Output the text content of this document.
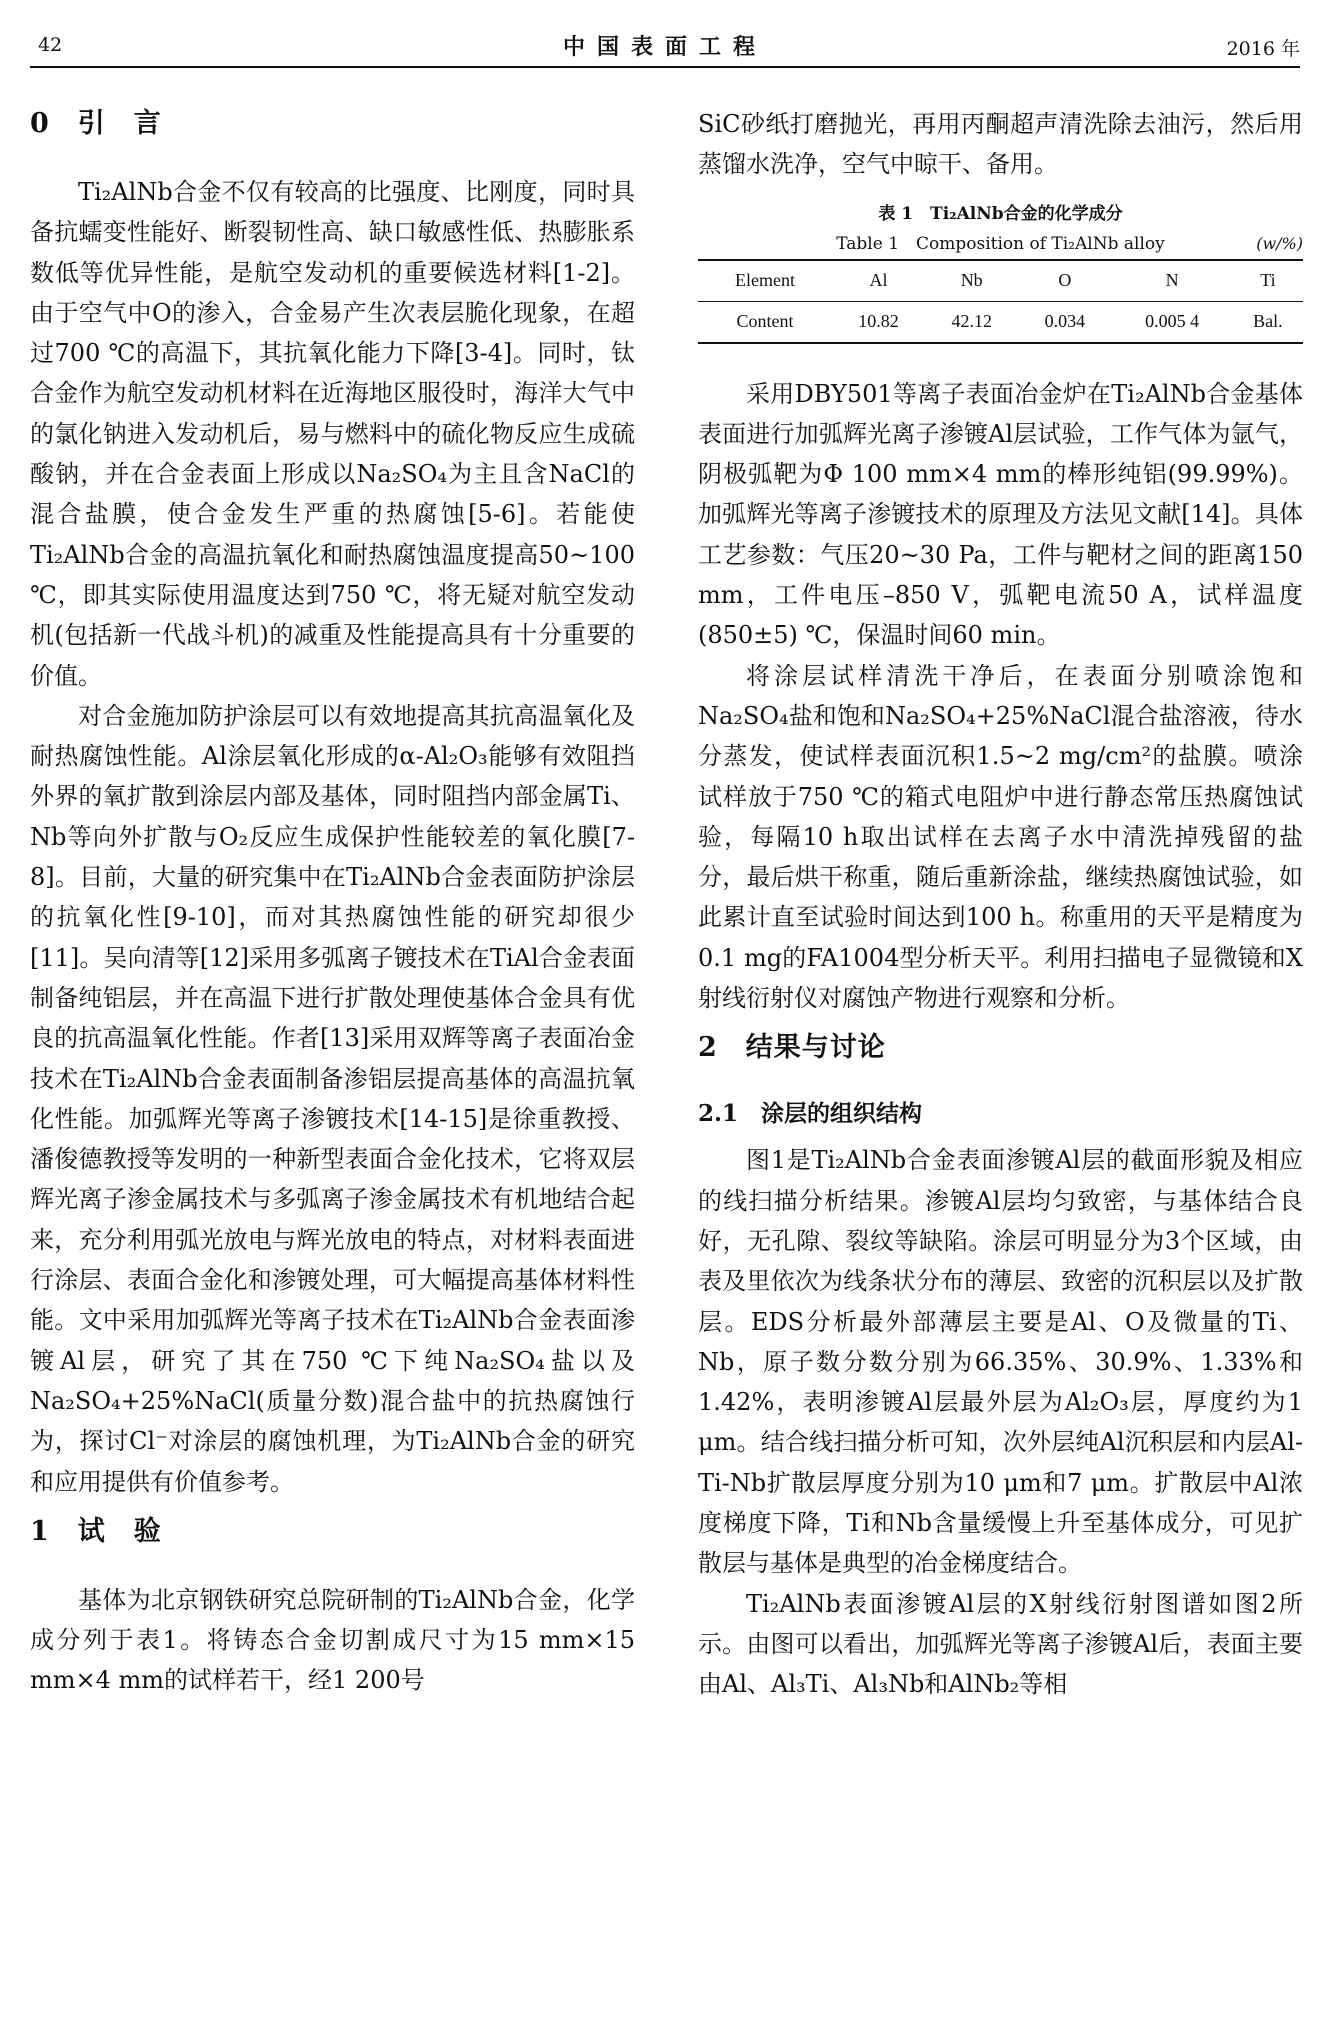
42	中国表面工程	2016 年
0　引　言

Ti₂AlNb合金不仅有较高的比强度、比刚度，同时具备抗蠕变性能好、断裂韧性高、缺口敏感性低、热膨胀系数低等优异性能，是航空发动机的重要候选材料[1-2]。由于空气中O的渗入，合金易产生次表层脆化现象，在超过700 ℃的高温下，其抗氧化能力下降[3-4]。同时，钛合金作为航空发动机材料在近海地区服役时，海洋大气中的氯化钠进入发动机后，易与燃料中的硫化物反应生成硫酸钠，并在合金表面上形成以Na₂SO₄为主且含NaCl的混合盐膜，使合金发生严重的热腐蚀[5-6]。若能使Ti₂AlNb合金的高温抗氧化和耐热腐蚀温度提高50~100 ℃，即其实际使用温度达到750 ℃，将无疑对航空发动机(包括新一代战斗机)的减重及性能提高具有十分重要的价值。

对合金施加防护涂层可以有效地提高其抗高温氧化及耐热腐蚀性能。Al涂层氧化形成的α-Al₂O₃能够有效阻挡外界的氧扩散到涂层内部及基体，同时阻挡内部金属Ti、Nb等向外扩散与O₂反应生成保护性能较差的氧化膜[7-8]。目前，大量的研究集中在Ti₂AlNb合金表面防护涂层的抗氧化性[9-10]，而对其热腐蚀性能的研究却很少[11]。吴向清等[12]采用多弧离子镀技术在TiAl合金表面制备纯铝层，并在高温下进行扩散处理使基体合金具有优良的抗高温氧化性能。作者[13]采用双辉等离子表面冶金技术在Ti₂AlNb合金表面制备渗铝层提高基体的高温抗氧化性能。加弧辉光等离子渗镀技术[14-15]是徐重教授、潘俊德教授等发明的一种新型表面合金化技术，它将双层辉光离子渗金属技术与多弧离子渗金属技术有机地结合起来，充分利用弧光放电与辉光放电的特点，对材料表面进行涂层、表面合金化和渗镀处理，可大幅提高基体材料性能。文中采用加弧辉光等离子技术在Ti₂AlNb合金表面渗镀Al层，研究了其在750 ℃下纯Na₂SO₄盐以及Na₂SO₄+25%NaCl(质量分数)混合盐中的抗热腐蚀行为，探讨Cl⁻对涂层的腐蚀机理，为Ti₂AlNb合金的研究和应用提供有价值参考。

1　试　验

基体为北京钢铁研究总院研制的Ti₂AlNb合金，化学成分列于表1。将铸态合金切割成尺寸为15 mm×15 mm×4 mm的试样若干，经1 200号

SiC砂纸打磨抛光，再用丙酮超声清洗除去油污，然后用蒸馏水洗净，空气中晾干、备用。

表 1　Ti₂AlNb合金的化学成分
Table 1　Composition of Ti₂AlNb alloy	(w/%)
Element	Al	Nb	O	N	Ti
Content	10.82	42.12	0.034	0.005 4	Bal.

采用DBY501等离子表面冶金炉在Ti₂AlNb合金基体表面进行加弧辉光离子渗镀Al层试验，工作气体为氩气，阴极弧靶为Φ 100 mm×4 mm的棒形纯铝(99.99%)。加弧辉光等离子渗镀技术的原理及方法见文献[14]。具体工艺参数：气压20~30 Pa，工件与靶材之间的距离150 mm，工件电压–850 V，弧靶电流50 A，试样温度(850±5) ℃，保温时间60 min。

将涂层试样清洗干净后，在表面分别喷涂饱和Na₂SO₄盐和饱和Na₂SO₄+25%NaCl混合盐溶液，待水分蒸发，使试样表面沉积1.5~2 mg/cm²的盐膜。喷涂试样放于750 ℃的箱式电阻炉中进行静态常压热腐蚀试验，每隔10 h取出试样在去离子水中清洗掉残留的盐分，最后烘干称重，随后重新涂盐，继续热腐蚀试验，如此累计直至试验时间达到100 h。称重用的天平是精度为0.1 mg的FA1004型分析天平。利用扫描电子显微镜和X射线衍射仪对腐蚀产物进行观察和分析。

2　结果与讨论
2.1　涂层的组织结构

图1是Ti₂AlNb合金表面渗镀Al层的截面形貌及相应的线扫描分析结果。渗镀Al层均匀致密，与基体结合良好，无孔隙、裂纹等缺陷。涂层可明显分为3个区域，由表及里依次为线条状分布的薄层、致密的沉积层以及扩散层。EDS分析最外部薄层主要是Al、O及微量的Ti、Nb，原子数分数分别为66.35%、30.9%、1.33%和1.42%，表明渗镀Al层最外层为Al₂O₃层，厚度约为1 μm。结合线扫描分析可知，次外层纯Al沉积层和内层Al-Ti-Nb扩散层厚度分别为10 μm和7 μm。扩散层中Al浓度梯度下降，Ti和Nb含量缓慢上升至基体成分，可见扩散层与基体是典型的冶金梯度结合。

Ti₂AlNb表面渗镀Al层的X射线衍射图谱如图2所示。由图可以看出，加弧辉光等离子渗镀Al后，表面主要由Al、Al₃Ti、Al₃Nb和AlNb₂等相
